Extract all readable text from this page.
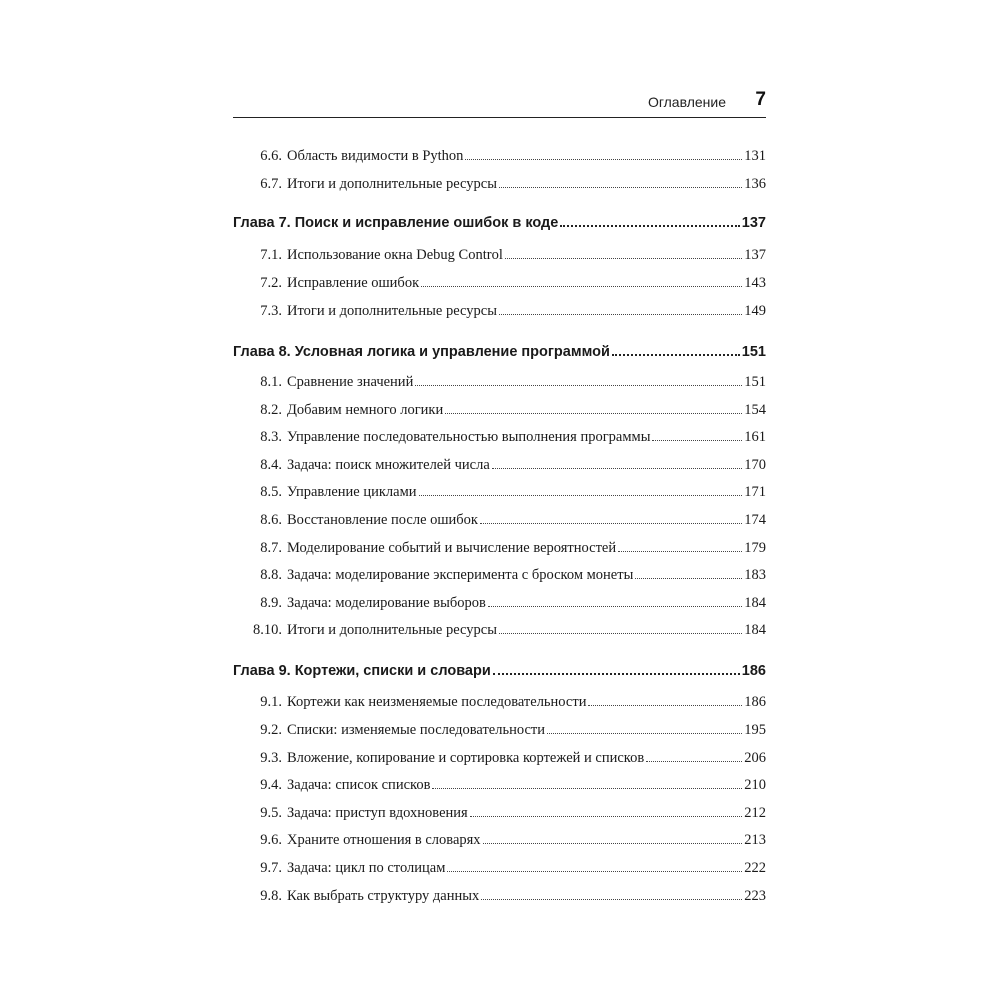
Оглавление 7
6.6. Область видимости в Python	131
6.7. Итоги и дополнительные ресурсы	136
Глава 7. Поиск и исправление ошибок в коде	137
7.1. Использование окна Debug Control	137
7.2. Исправление ошибок	143
7.3. Итоги и дополнительные ресурсы	149
Глава 8. Условная логика и управление программой	151
8.1. Сравнение значений	151
8.2. Добавим немного логики	154
8.3. Управление последовательностью выполнения программы	161
8.4. Задача: поиск множителей числа	170
8.5. Управление циклами	171
8.6. Восстановление после ошибок	174
8.7. Моделирование событий и вычисление вероятностей	179
8.8. Задача: моделирование эксперимента с броском монеты	183
8.9. Задача: моделирование выборов	184
8.10. Итоги и дополнительные ресурсы	184
Глава 9. Кортежи, списки и словари	186
9.1. Кортежи как неизменяемые последовательности	186
9.2. Списки: изменяемые последовательности	195
9.3. Вложение, копирование и сортировка кортежей и списков	206
9.4. Задача: список списков	210
9.5. Задача: приступ вдохновения	212
9.6. Храните отношения в словарях	213
9.7. Задача: цикл по столицам	222
9.8. Как выбрать структуру данных	223
